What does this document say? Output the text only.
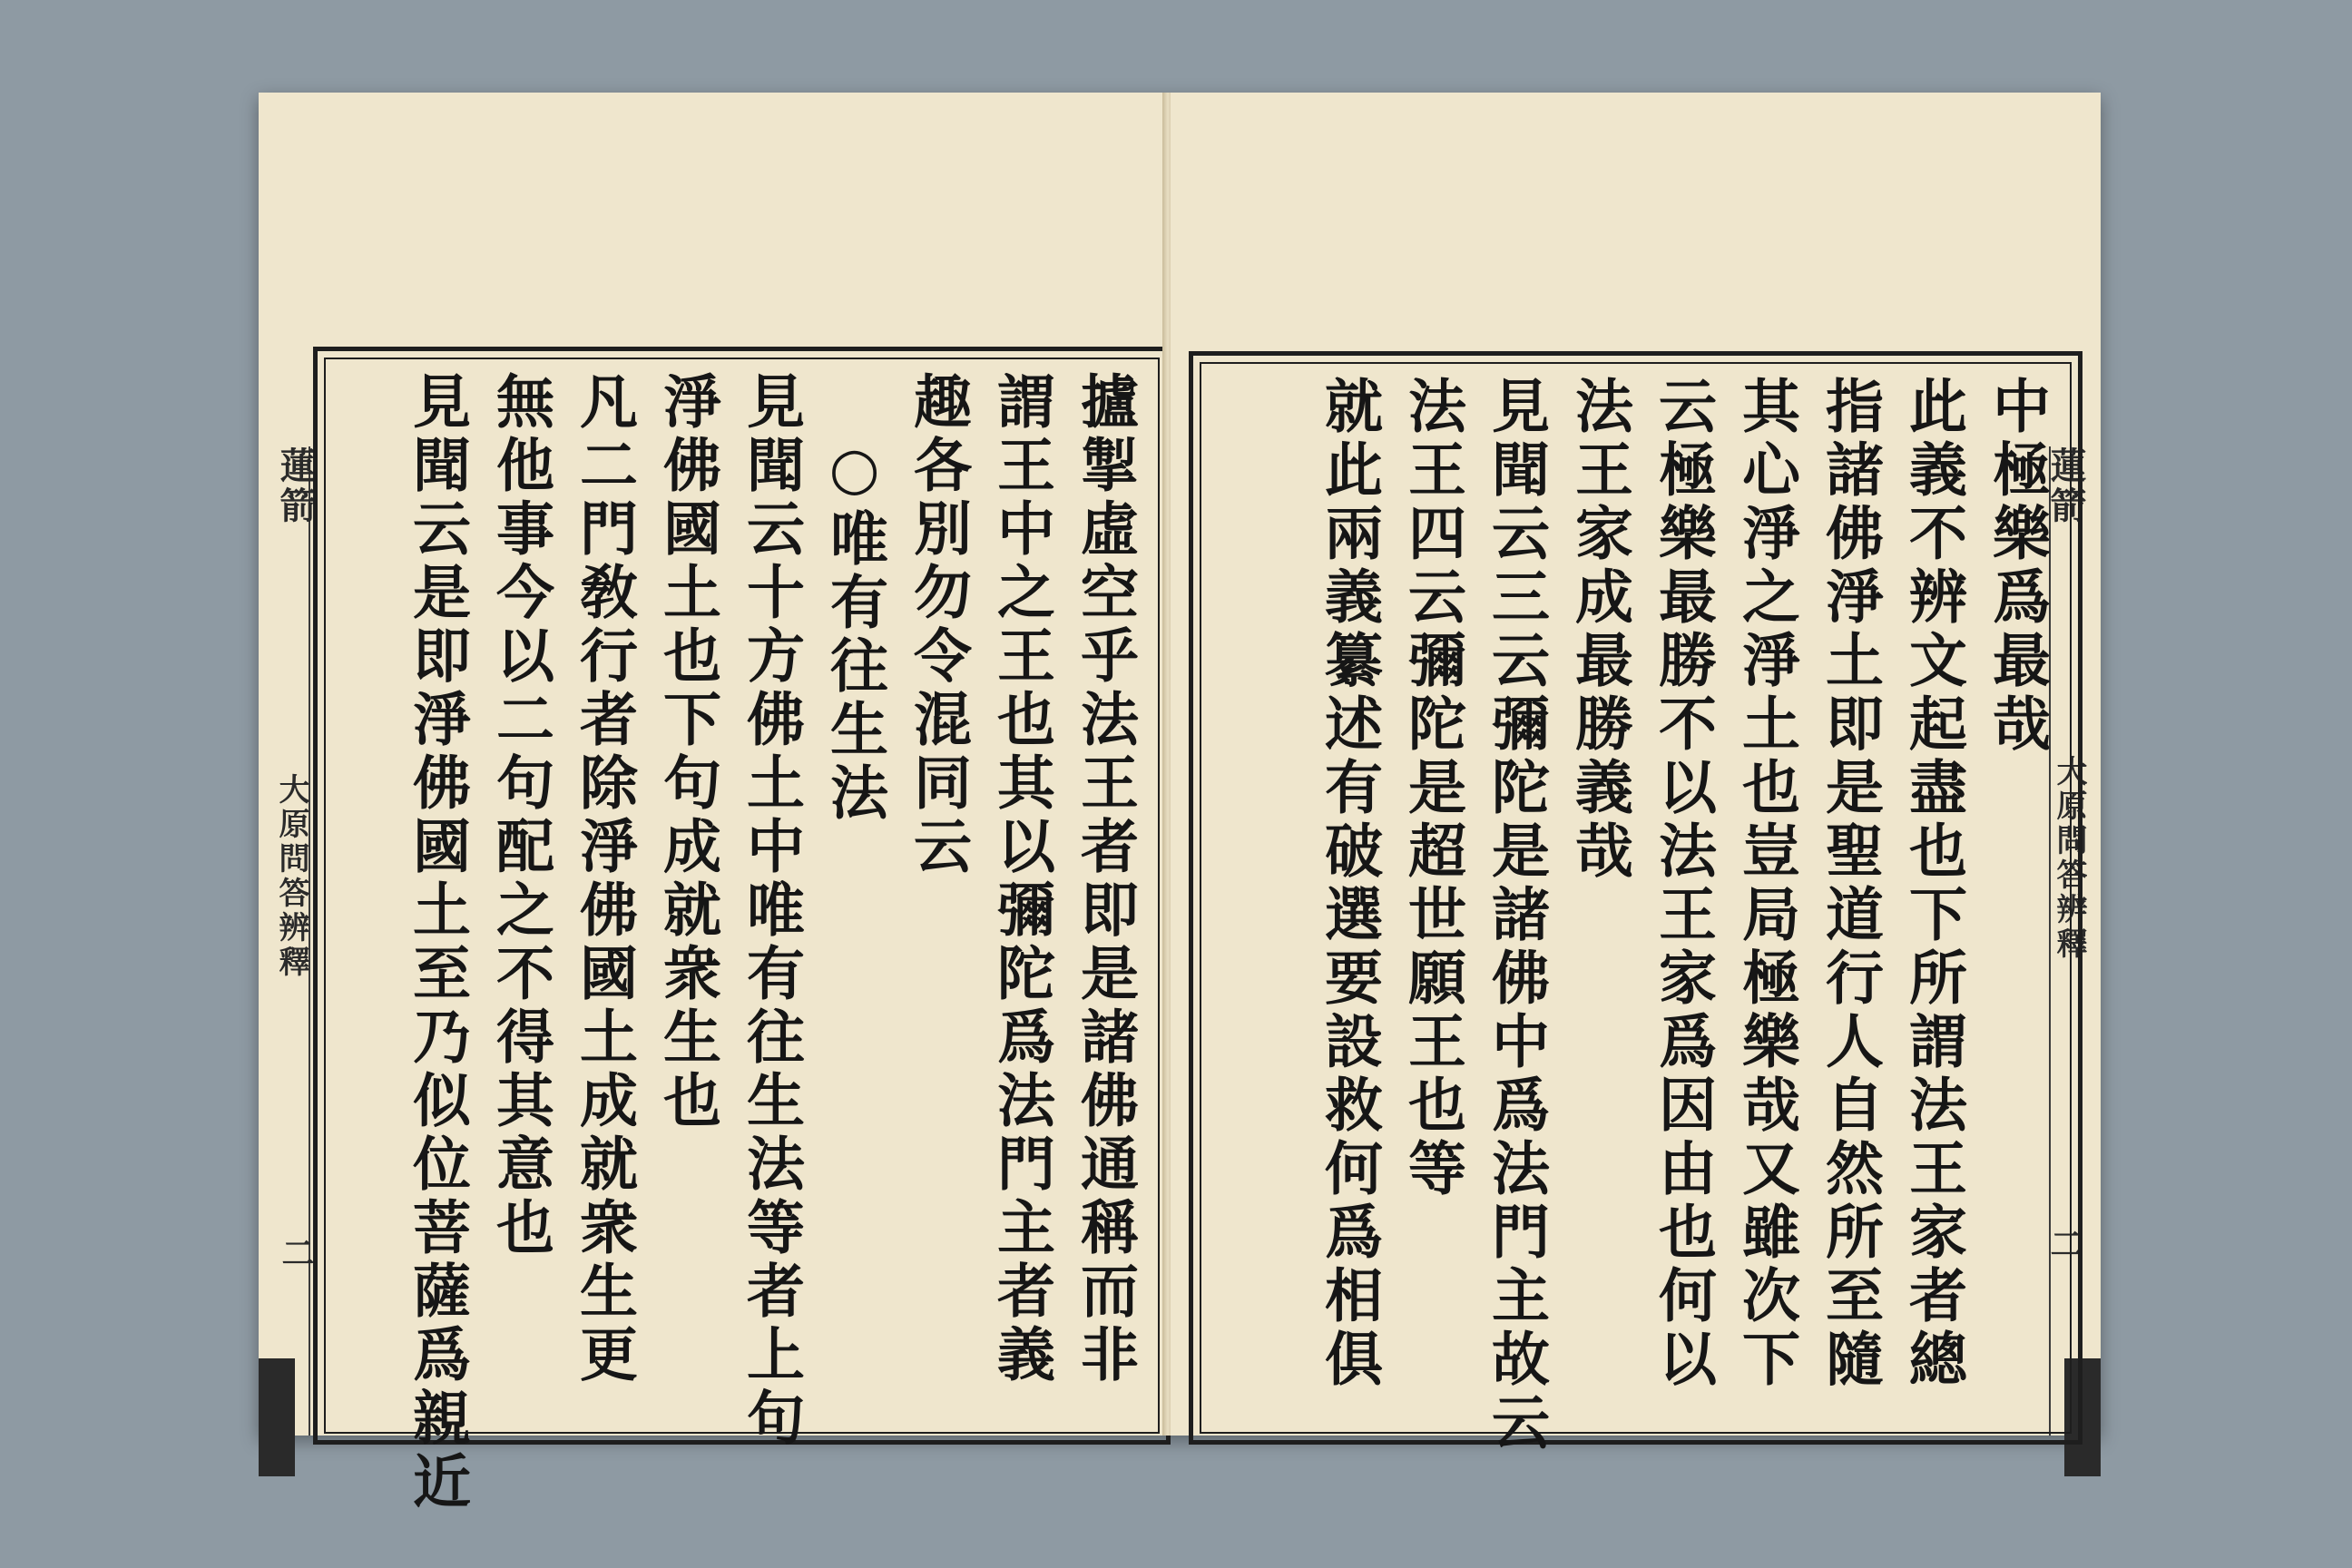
蓮箭
大原問答辨釋
二	攎掣虛空乎法王者即是諸佛通稱而非
謂王中之王也其以彌陀爲法門主者義
趣各別勿令混同云
○唯有往生法
見聞云十方佛土中唯有往生法等者上句
淨佛國土也下句成就衆生也
凡二門敎行者除淨佛國土成就衆生更
無他事今以二句配之不得其意也
見聞云是即淨佛國土至乃似位菩薩爲親近	蓮箭
大原問答辨釋
二
中極樂爲最哉
此義不辨文起盡也下所謂法王家者總
指諸佛淨土即是聖道行人自然所至隨
其心淨之淨土也豈局極樂哉又雖次下
云極樂最勝不以法王家爲因由也何以
法王家成最勝義哉
見聞云三云彌陀是諸佛中爲法門主故云
法王四云彌陀是超世願王也等
就此兩義纂述有破選要設救何爲相俱
